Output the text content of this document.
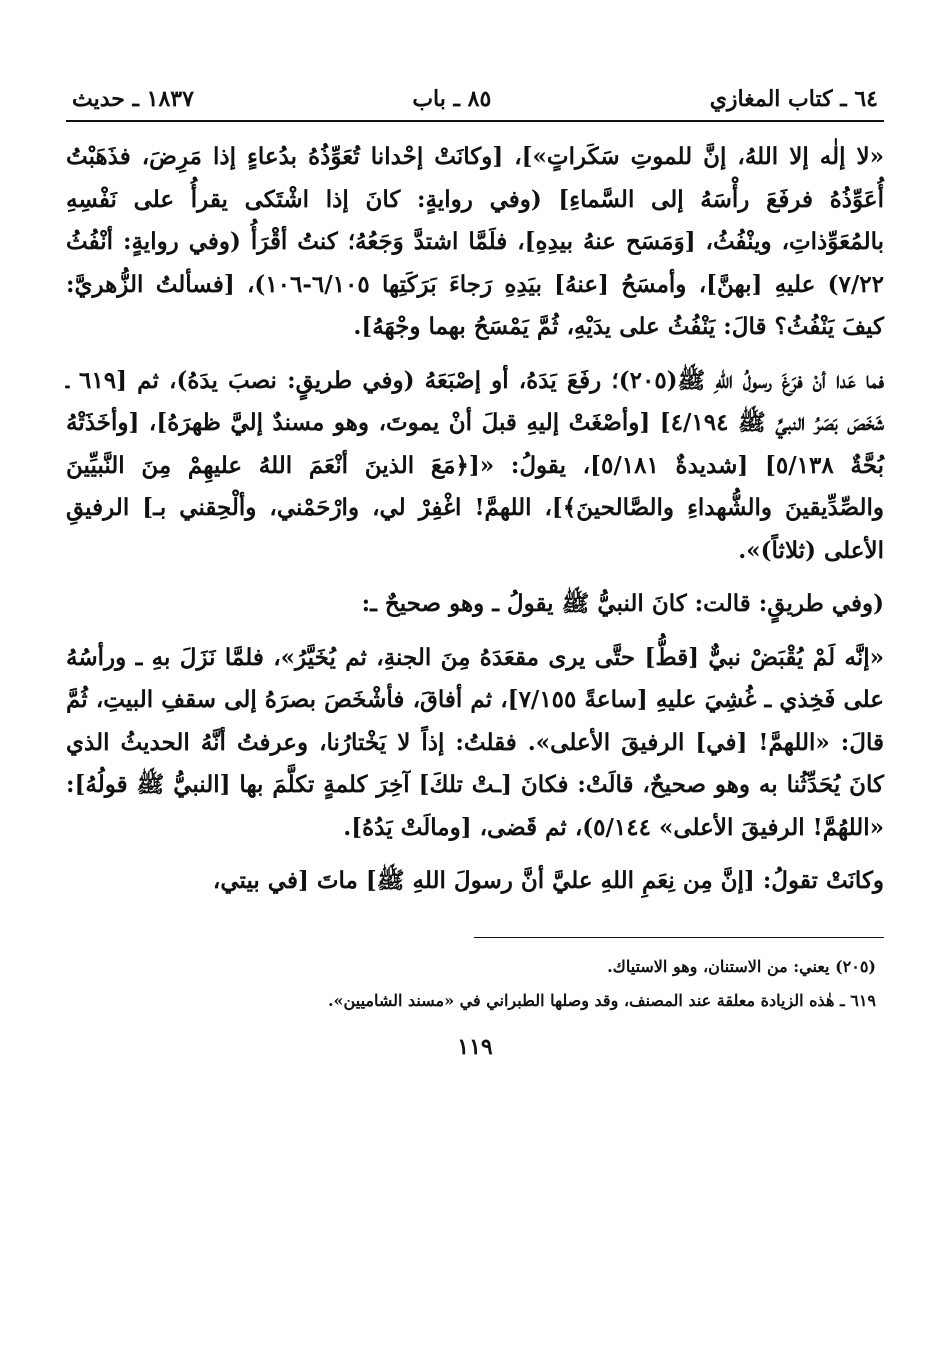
٦٤ ـ كتاب المغازي
٨٥ ـ باب
١٨٣٧ ـ حديث

«لا إلٰه إلا اللهُ، إنَّ للموتِ سَكَراتٍ»]، [وكانَتْ إحْدانا تُعَوِّذُهُ بدُعاءٍ إذا مَرِضَ، فذَهَبْتُ أُعَوِّذُهُ فرفَعَ رأْسَهُ إلى السَّماءِ] (وفي روايةٍ: كانَ إذا اشْتَكى يقرأُ على نَفْسِهِ بالمُعَوِّذاتِ، وينْفُثُ، [وَمَسَح عنهُ بيدِهِ]، فلَمَّا اشتدَّ وَجَعُهُ؛ كنتُ أقْرَأُ (وفي روايةٍ: أنْفُثُ ٧/٢٢) عليهِ [بهنَّ]، وأمسَحُ [عنهُ] بيَدِهِ رَجاءَ بَرَكَتِها ٦/١٠٥-١٠٦)، [فسألتُ الزُّهريَّ: كيفَ يَنْفُثُ؟ قالَ: يَنْفُثُ على يدَيْهِ، ثُمَّ يَمْسَحُ بهما وجْهَهُ].

فما عَدا أنْ فرَغَ رسولُ اللهِ ﷺ(٢٠٥)؛ رفَعَ يَدَهُ، أو إصْبَعَهُ (وفي طريقٍ: نصبَ يدَهُ)، ثم [٦١٩ ـ شَخَصَ بَصَرُ النبيِّ ﷺ ٤/١٩٤] [وأصْغَتْ إليهِ قبلَ أنْ يموتَ، وهو مسندٌ إليَّ ظهرَهُ]، [وأخَذَتْهُ بُحَّةٌ ٥/١٣٨] [شديدةٌ ٥/١٨١]، يقولُ: «[﴿مَعَ الذينَ أنْعَمَ اللهُ عليهِمْ مِنَ النَّبيِّينَ والصِّدِّيقينَ والشُّهداءِ والصَّالحينَ﴾]، اللهمَّ! اغْفِرْ لي، وارْحَمْني، وألْحِقني بـ] الرفيقِ الأعلى (ثلاثاً)».

(وفي طريقٍ: قالت: كانَ النبيُّ ﷺ يقولُ ـ وهو صحيحٌ ـ:

«إنَّه لَمْ يُقْبَضْ نبيٌّ [قطُّ] حتَّى يرى مقعَدَهُ مِنَ الجنةِ، ثم يُخَيَّرُ»، فلمَّا نَزَلَ بهِ ـ ورأسُهُ على فَخِذي ـ غُشِيَ عليهِ [ساعةً ٧/١٥٥]، ثم أفاقَ، فأشْخَصَ بصرَهُ إلى سقفِ البيتِ، ثُمَّ قالَ: «اللهمَّ! [في] الرفيقَ الأعلى». فقلتُ: إذاً لا يَخْتارُنا، وعرفتُ أنَّهُ الحديثُ الذي كانَ يُحَدِّثُنا به وهو صحيحٌ، قالَتْ: فكانَ [ـتْ تلكَ] آخِرَ كلمةٍ تكلَّمَ بها [النبيُّ ﷺ قولُهُ]: «اللهُمَّ! الرفيقَ الأعلى» ٥/١٤٤)، ثم قَضى، [ومالَتْ يَدُهُ].

وكانَتْ تقولُ: [إنَّ مِن نِعَمِ اللهِ عليَّ أنَّ رسولَ اللهِ ﷺ] ماتَ [في بيتي،

(٢٠٥) يعني: من الاستنان، وهو الاستياك.
٦١٩ ـ هٰذه الزيادة معلقة عند المصنف، وقد وصلها الطبراني في «مسند الشاميين».
١١٩
